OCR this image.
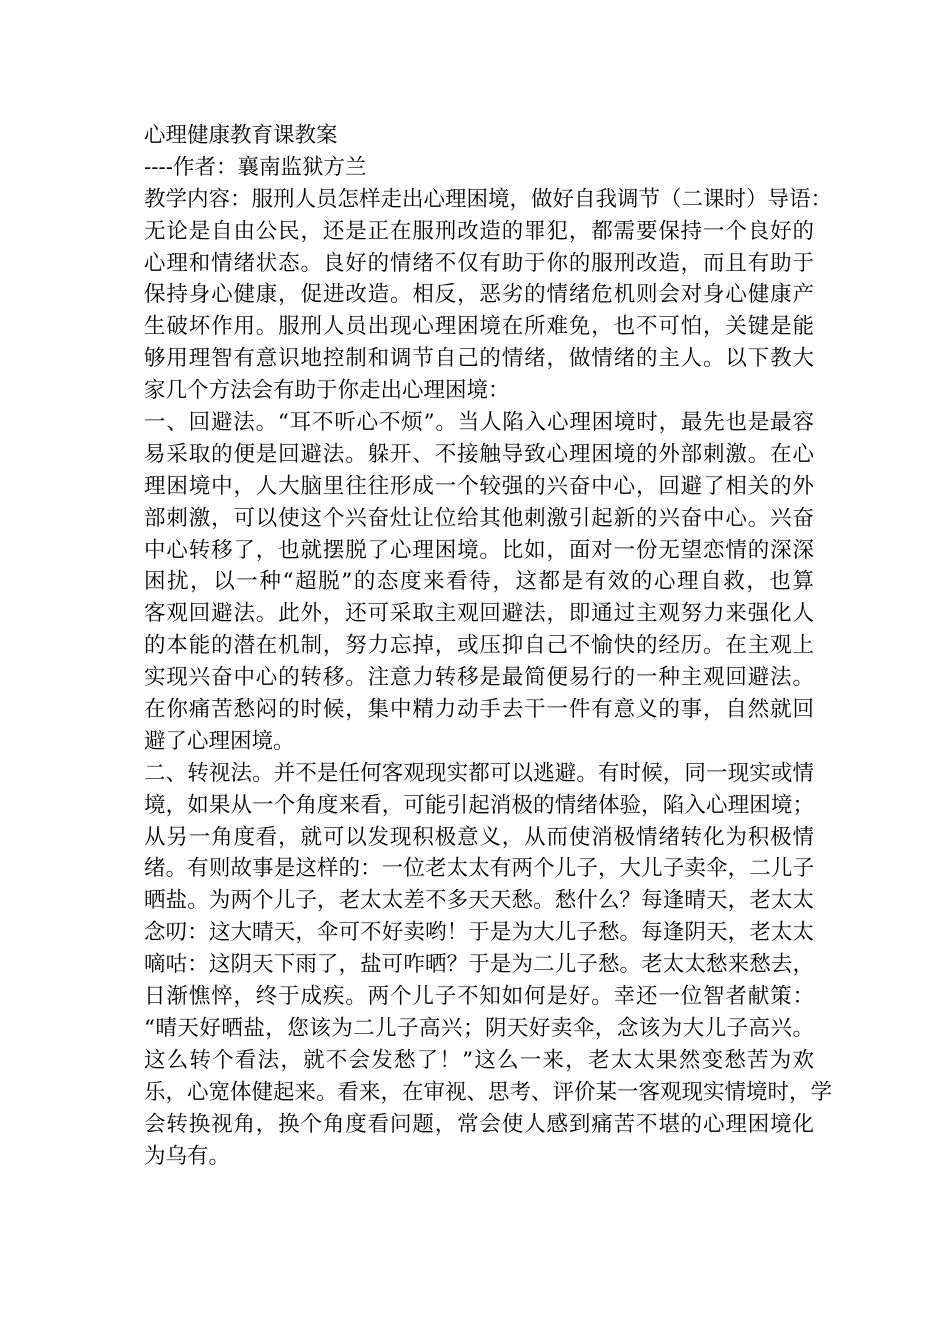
心理健康教育课教案
----作者：襄南监狱方兰
教学内容：服刑人员怎样走出心理困境，做好自我调节（二课时）导语：
无论是自由公民，还是正在服刑改造的罪犯，都需要保持一个良好的
心理和情绪状态。良好的情绪不仅有助于你的服刑改造，而且有助于
保持身心健康，促进改造。相反，恶劣的情绪危机则会对身心健康产
生破坏作用。服刑人员出现心理困境在所难免，也不可怕，关键是能
够用理智有意识地控制和调节自己的情绪，做情绪的主人。以下教大
家几个方法会有助于你走出心理困境：
一、回避法。“耳不听心不烦”。当人陷入心理困境时，最先也是最容
易采取的便是回避法。躲开、不接触导致心理困境的外部刺激。在心
理困境中，人大脑里往往形成一个较强的兴奋中心，回避了相关的外
部刺激，可以使这个兴奋灶让位给其他刺激引起新的兴奋中心。兴奋
中心转移了，也就摆脱了心理困境。比如，面对一份无望恋情的深深
困扰，以一种“超脱”的态度来看待，这都是有效的心理自救，也算
客观回避法。此外，还可采取主观回避法，即通过主观努力来强化人
的本能的潜在机制，努力忘掉，或压抑自己不愉快的经历。在主观上
实现兴奋中心的转移。注意力转移是最简便易行的一种主观回避法。
在你痛苦愁闷的时候，集中精力动手去干一件有意义的事，自然就回
避了心理困境。
二、转视法。并不是任何客观现实都可以逃避。有时候，同一现实或情
境，如果从一个角度来看，可能引起消极的情绪体验，陷入心理困境；
从另一角度看，就可以发现积极意义，从而使消极情绪转化为积极情
绪。有则故事是这样的：一位老太太有两个儿子，大儿子卖伞，二儿子
晒盐。为两个儿子，老太太差不多天天愁。愁什么？每逢晴天，老太太
念叨：这大晴天，伞可不好卖哟！于是为大儿子愁。每逢阴天，老太太
嘀咕：这阴天下雨了，盐可咋晒？于是为二儿子愁。老太太愁来愁去，
日渐憔悴，终于成疾。两个儿子不知如何是好。幸还一位智者献策：
“晴天好晒盐，您该为二儿子高兴；阴天好卖伞，念该为大儿子高兴。
这么转个看法，就不会发愁了！”这么一来，老太太果然变愁苦为欢
乐，心宽体健起来。看来，在审视、思考、评价某一客观现实情境时，学
会转换视角，换个角度看问题，常会使人感到痛苦不堪的心理困境化
为乌有。
